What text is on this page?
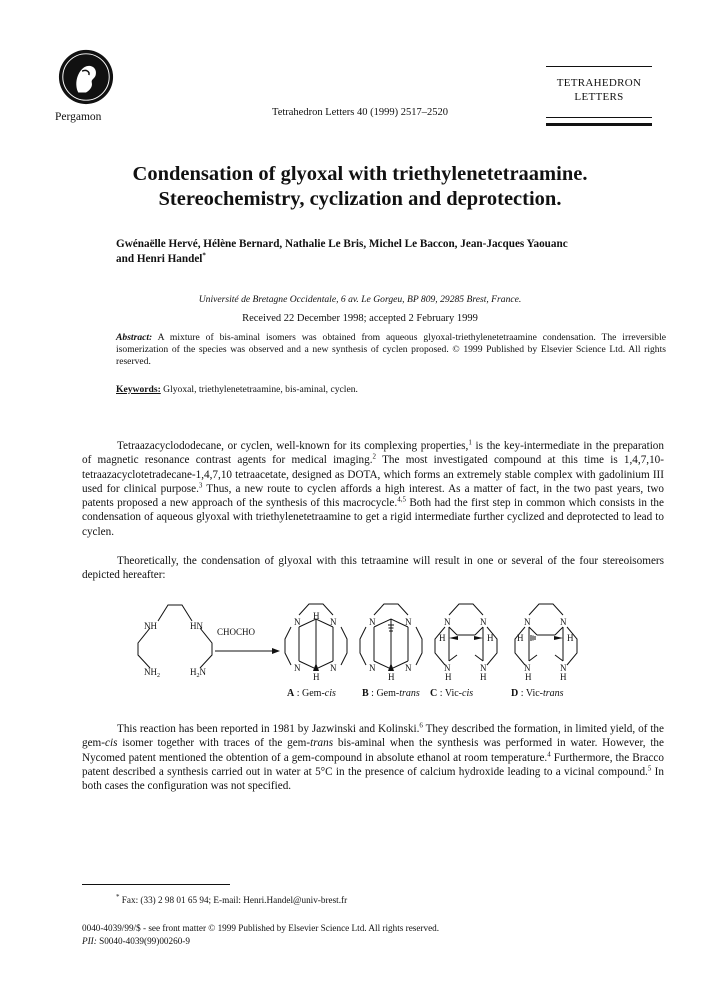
Pergamon	Tetrahedron Letters 40 (1999) 2517–2520
TETRAHEDRON
LETTERS
Condensation of glyoxal with triethylenetetraamine.
Stereochemistry, cyclization and deprotection.
Gwénaëlle Hervé, Hélène Bernard, Nathalie Le Bris, Michel Le Baccon, Jean-Jacques Yaouanc
and Henri Handel*
Université de Bretagne Occidentale, 6 av. Le Gorgeu, BP 809, 29285 Brest, France.
Received 22 December 1998; accepted 2 February 1999
Abstract: A mixture of bis-aminal isomers was obtained from aqueous glyoxal-triethylenetetraamine condensation. The irreversible isomerization of the species was observed and a new synthesis of cyclen proposed. © 1999 Published by Elsevier Science Ltd. All rights reserved.
Keywords: Glyoxal, triethylenetetraamine, bis-aminal, cyclen.

Tetraazacyclododecane, or cyclen, well-known for its complexing properties,$^1$ is the key-intermediate in the preparation of magnetic resonance contrast agents for medical imaging.$^2$ The most investigated compound at this time is 1,4,7,10-tetraazacyclotetradecane-1,4,7,10 tetraacetate, designed as DOTA, which forms an extremely stable complex with gadolinium III used for clinical purpose.$^3$ Thus, a new route to cyclen affords a high interest. As a matter of fact, in the two past years, two patents proposed a new approach of the synthesis of this macrocycle.$^{4,5}$ Both had the first step in common which consists in the condensation of aqueous glyoxal with triethylenetetraamine to get a rigid intermediate further cyclized and deprotected to lead to cyclen.

Theoretically, the condensation of glyoxal with this tetraamine will result in one or several of the four stereoisomers depicted hereafter:

NH	HN
$NH_2$	$H_2N$
CHOCHO
N	N
H
N	N
H
N	N
N	N
H
N	N
H	H
N	N
H	H
N	N
H	H
N	N
H	H
A : Gem-cis	B : Gem-trans C : Vic-cis	D : Vic-trans

This reaction has been reported in 1981 by Jazwinski and Kolinski.$^6$ They described the formation, in limited yield, of the gem-cis isomer together with traces of the gem-trans bis-aminal when the synthesis was performed in water. However, the Nycomed patent mentioned the obtention of a gem-compound in absolute ethanol at room temperature.$^4$ Furthermore, the Bracco patent described a synthesis carried out in water at 5°C in the presence of calcium hydroxide leading to a vicinal compound.$^5$ In both cases the configuration was not specified.

* Fax: (33) 2 98 01 65 94; E-mail: Henri.Handel@univ-brest.fr
0040-4039/99/$ - see front matter © 1999 Published by Elsevier Science Ltd. All rights reserved.
PII: S0040-4039(99)00260-9
